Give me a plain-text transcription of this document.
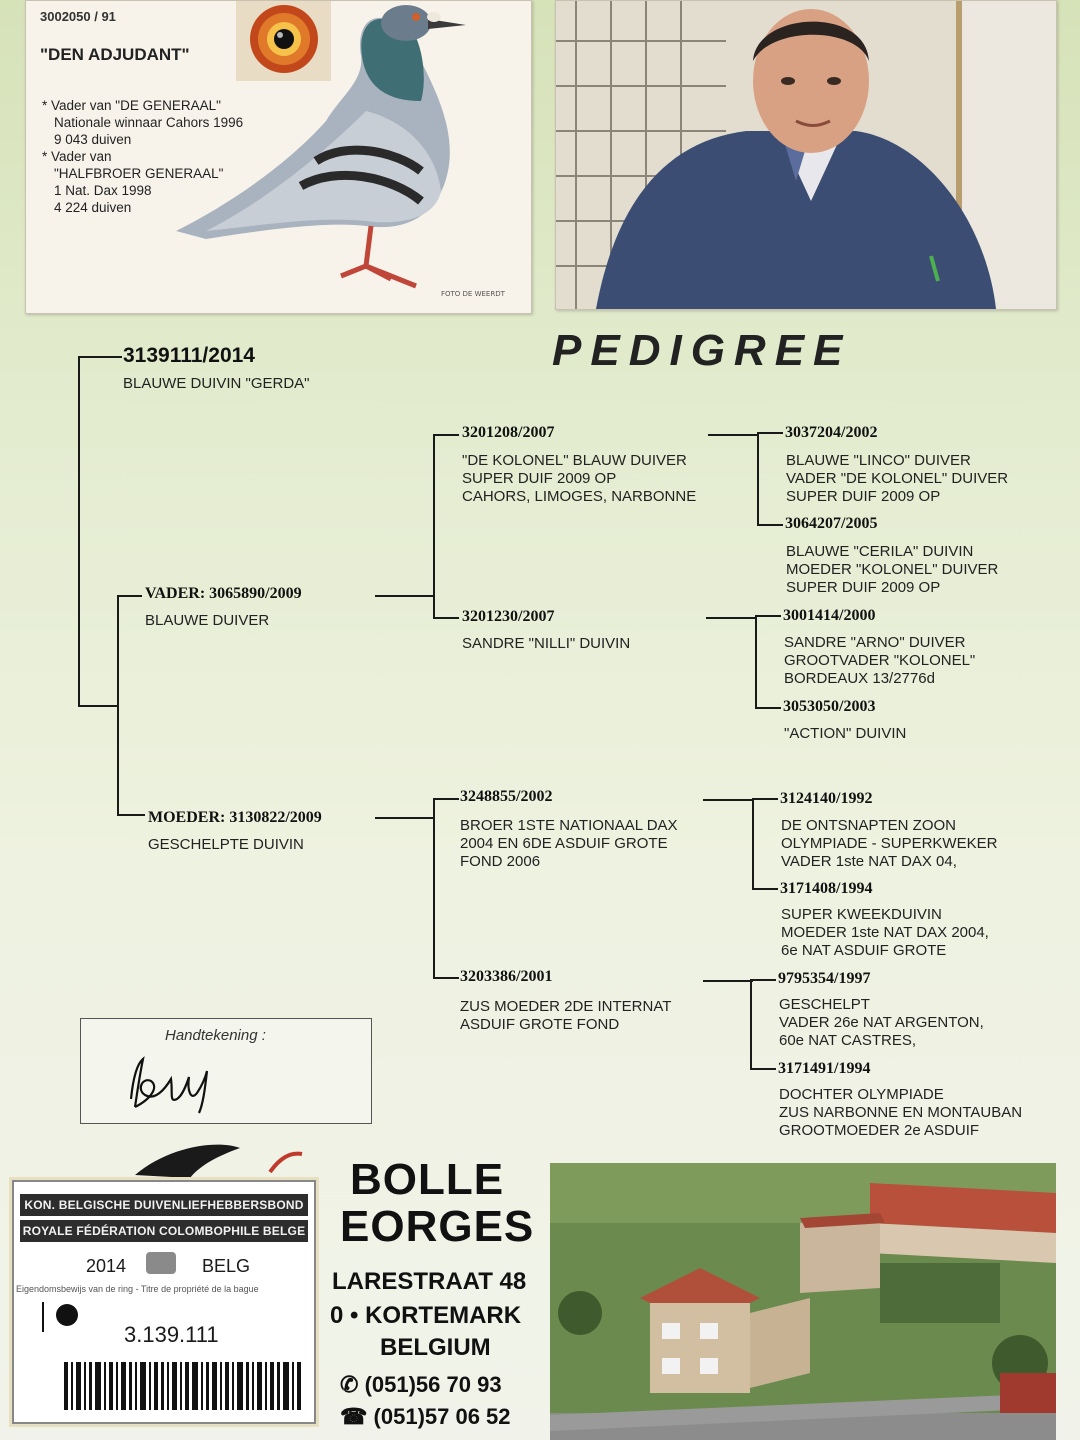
3002050 / 91
"DEN ADJUDANT"
* Vader van "DE GENERAAL"
Nationale winnaar Cahors 1996
9 043 duiven
* Vader van
"HALFBROER GENERAAL"
1 Nat. Dax 1998
4 224 duiven
FOTO DE WEERDT
PEDIGREE
3139111/2014
BLAUWE DUIVIN "GERDA"
VADER: 3065890/2009
BLAUWE DUIVER
MOEDER: 3130822/2009
GESCHELPTE DUIVIN
3201208/2007
"DE KOLONEL" BLAUW DUIVER
SUPER DUIF 2009 OP
CAHORS, LIMOGES, NARBONNE
3201230/2007
SANDRE "NILLI" DUIVIN
3248855/2002
BROER 1STE NATIONAAL DAX
2004 EN 6DE ASDUIF GROTE
FOND 2006
3203386/2001
ZUS MOEDER 2DE INTERNAT
ASDUIF GROTE FOND
3037204/2002
BLAUWE "LINCO" DUIVER
VADER "DE KOLONEL" DUIVER
SUPER DUIF 2009 OP
3064207/2005
BLAUWE "CERILA" DUIVIN
MOEDER "KOLONEL" DUIVER
SUPER DUIF 2009 OP
3001414/2000
SANDRE "ARNO" DUIVER
GROOTVADER "KOLONEL"
BORDEAUX 13/2776d
3053050/2003
"ACTION" DUIVIN
3124140/1992
DE ONTSNAPTEN ZOON
OLYMPIADE - SUPERKWEKER
VADER 1ste NAT DAX 04,
3171408/1994
SUPER KWEEKDUIVIN
MOEDER 1ste NAT DAX 2004,
6e NAT ASDUIF GROTE
9795354/1997
GESCHELPT
VADER 26e NAT ARGENTON,
60e NAT CASTRES,
3171491/1994
DOCHTER OLYMPIADE
ZUS NARBONNE EN MONTAUBAN
GROOTMOEDER 2e ASDUIF
Handtekening :
BOLLE
EORGES
LARESTRAAT 48
0 • KORTEMARK
BELGIUM
✆ (051)56 70 93
☎ (051)57 06 52
KON. BELGISCHE DUIVENLIEFHEBBERSBOND
ROYALE FÉDÉRATION COLOMBOPHILE BELGE
2014	BELG
Eigendomsbewijs van de ring - Titre de propriété de la bague
3.139.111
